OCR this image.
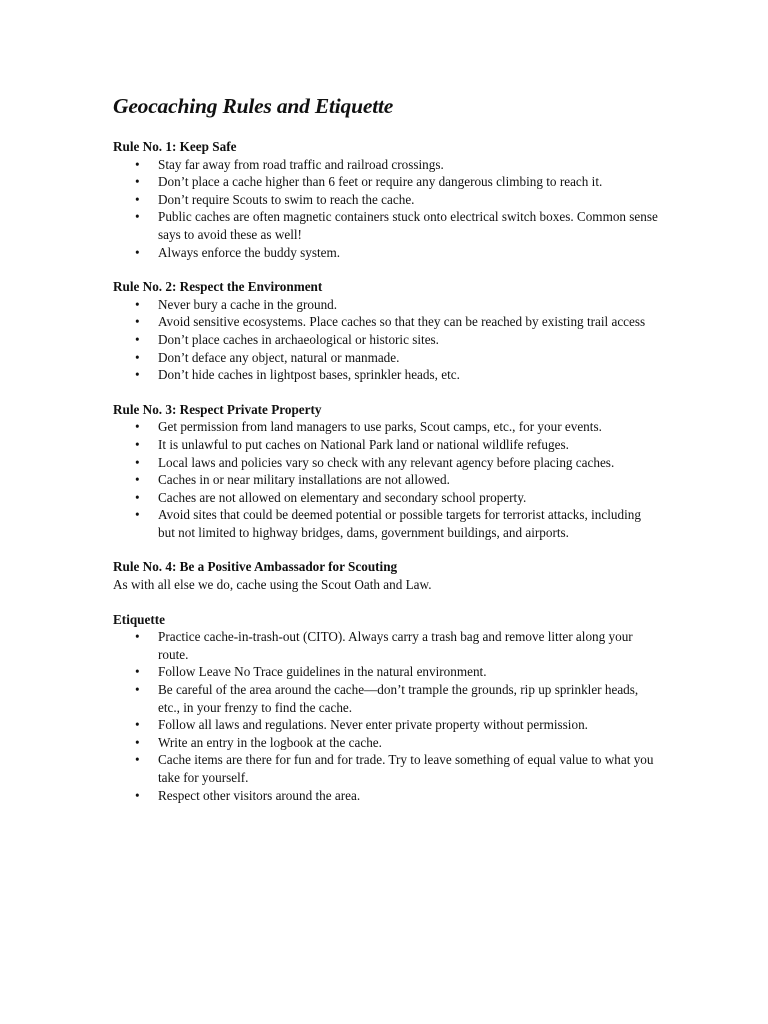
Geocaching Rules and Etiquette

Rule No. 1: Keep Safe

• Stay far away from road traffic and railroad crossings.
• Don’t place a cache higher than 6 feet or require any dangerous climbing to reach it.
• Don’t require Scouts to swim to reach the cache.
• Public caches are often magnetic containers stuck onto electrical switch boxes. Common sense says to avoid these as well!
• Always enforce the buddy system.

Rule No. 2: Respect the Environment

• Never bury a cache in the ground.
• Avoid sensitive ecosystems. Place caches so that they can be reached by existing trail access
• Don’t place caches in archaeological or historic sites.
• Don’t deface any object, natural or manmade.
• Don’t hide caches in lightpost bases, sprinkler heads, etc.

Rule No. 3: Respect Private Property

• Get permission from land managers to use parks, Scout camps, etc., for your events.
• It is unlawful to put caches on National Park land or national wildlife refuges.
• Local laws and policies vary so check with any relevant agency before placing caches.
• Caches in or near military installations are not allowed.
• Caches are not allowed on elementary and secondary school property.
• Avoid sites that could be deemed potential or possible targets for terrorist attacks, including but not limited to highway bridges, dams, government buildings, and airports.

Rule No. 4: Be a Positive Ambassador for Scouting

As with all else we do, cache using the Scout Oath and Law.

Etiquette

• Practice cache-in-trash-out (CITO). Always carry a trash bag and remove litter along your route.
• Follow Leave No Trace guidelines in the natural environment.
• Be careful of the area around the cache—don’t trample the grounds, rip up sprinkler heads, etc., in your frenzy to find the cache.
• Follow all laws and regulations. Never enter private property without permission.
• Write an entry in the logbook at the cache.
• Cache items are there for fun and for trade. Try to leave something of equal value to what you take for yourself.
• Respect other visitors around the area.
